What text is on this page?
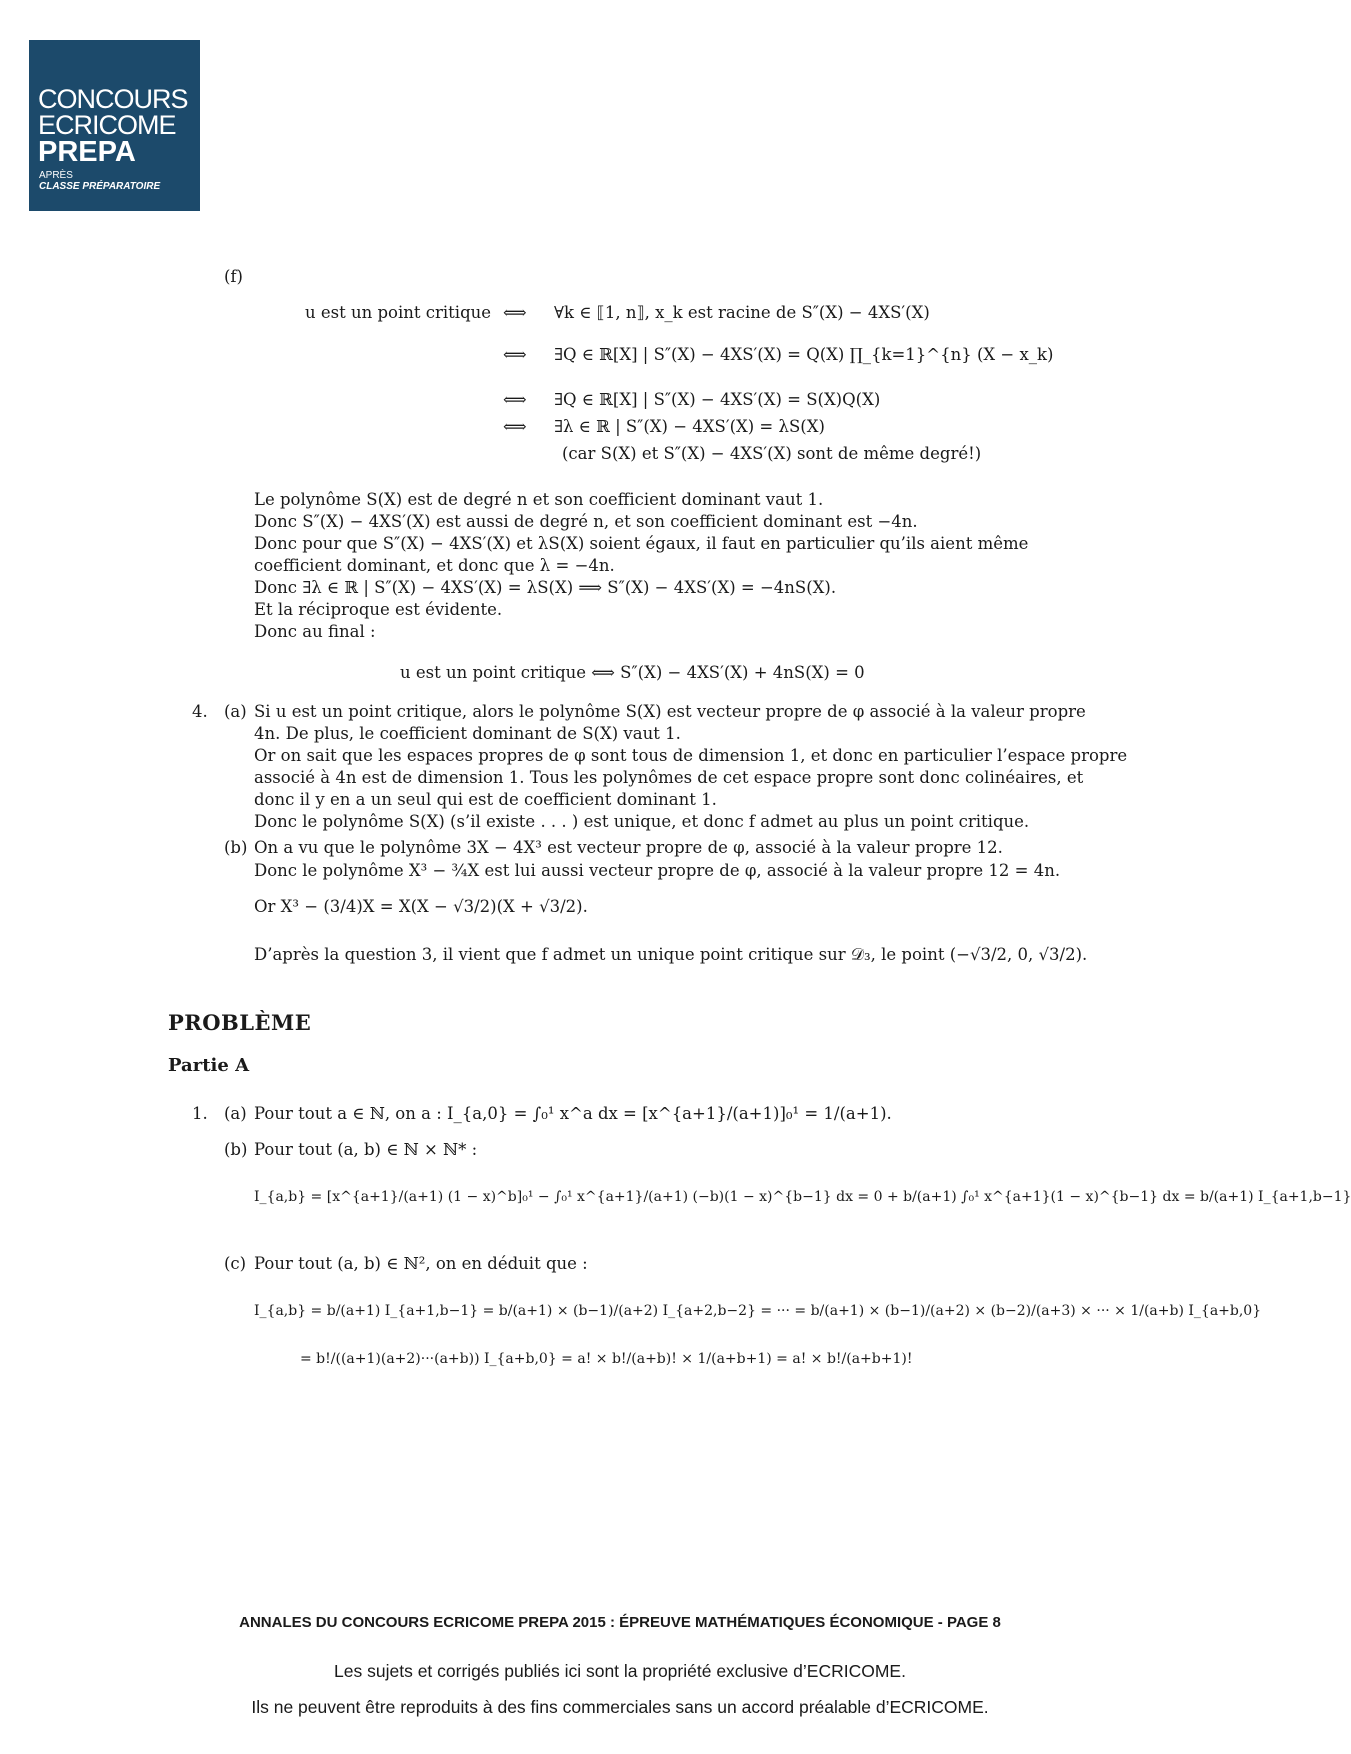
CONCOURS
ECRICOME
PREPA
APRÈS
CLASSE PRÉPARATOIRE
(f)
u est un point critique ⟺ ∀k ∈ ⟦1, n⟧, x_k est racine de S″(X) − 4XS′(X)
⟺ ∃Q ∈ ℝ[X] | S″(X) − 4XS′(X) = Q(X) ∏_{k=1}^{n} (X − x_k)
⟺ ∃Q ∈ ℝ[X] | S″(X) − 4XS′(X) = S(X)Q(X)
⟺ ∃λ ∈ ℝ | S″(X) − 4XS′(X) = λS(X)
(car S(X) et S″(X) − 4XS′(X) sont de même degré!)
Le polynôme S(X) est de degré n et son coefficient dominant vaut 1.
Donc S″(X) − 4XS′(X) est aussi de degré n, et son coefficient dominant est −4n.
Donc pour que S″(X) − 4XS′(X) et λS(X) soient égaux, il faut en particulier qu’ils aient même
coefficient dominant, et donc que λ = −4n.
Donc ∃λ ∈ ℝ | S″(X) − 4XS′(X) = λS(X) ⟹ S″(X) − 4XS′(X) = −4nS(X).
Et la réciproque est évidente.
Donc au final :
u est un point critique ⟺ S″(X) − 4XS′(X) + 4nS(X) = 0
4. (a) Si u est un point critique, alors le polynôme S(X) est vecteur propre de φ associé à la valeur propre
4n. De plus, le coefficient dominant de S(X) vaut 1.
Or on sait que les espaces propres de φ sont tous de dimension 1, et donc en particulier l’espace propre
associé à 4n est de dimension 1. Tous les polynômes de cet espace propre sont donc colinéaires, et
donc il y en a un seul qui est de coefficient dominant 1.
Donc le polynôme S(X) (s’il existe . . . ) est unique, et donc f admet au plus un point critique.
(b) On a vu que le polynôme 3X − 4X³ est vecteur propre de φ, associé à la valeur propre 12.
Donc le polynôme X³ − ¾X est lui aussi vecteur propre de φ, associé à la valeur propre 12 = 4n.
Or X³ − (3/4)X = X(X − √3/2)(X + √3/2).
D’après la question 3, il vient que f admet un unique point critique sur 𝒟₃, le point (−√3/2, 0, √3/2).
PROBLÈME
Partie A
1. (a) Pour tout a ∈ ℕ, on a : I_{a,0} = ∫₀¹ x^a dx = [x^{a+1}/(a+1)]₀¹ = 1/(a+1).
(b) Pour tout (a, b) ∈ ℕ × ℕ* :
I_{a,b} = [x^{a+1}/(a+1) (1 − x)^b]₀¹ − ∫₀¹ x^{a+1}/(a+1) (−b)(1 − x)^{b−1} dx = 0 + b/(a+1) ∫₀¹ x^{a+1}(1 − x)^{b−1} dx = b/(a+1) I_{a+1,b−1}
(c) Pour tout (a, b) ∈ ℕ², on en déduit que :
I_{a,b} = b/(a+1) I_{a+1,b−1} = b/(a+1) × (b−1)/(a+2) I_{a+2,b−2} = ··· = b/(a+1) × (b−1)/(a+2) × (b−2)/(a+3) × ··· × 1/(a+b) I_{a+b,0}
= b!/((a+1)(a+2)···(a+b)) I_{a+b,0} = a! × b!/(a+b)! × 1/(a+b+1) = a! × b!/(a+b+1)!
ANNALES DU CONCOURS ECRICOME PREPA 2015 : ÉPREUVE MATHÉMATIQUES ÉCONOMIQUE - PAGE 8
Les sujets et corrigés publiés ici sont la propriété exclusive d’ECRICOME.
Ils ne peuvent être reproduits à des fins commerciales sans un accord préalable d’ECRICOME.
